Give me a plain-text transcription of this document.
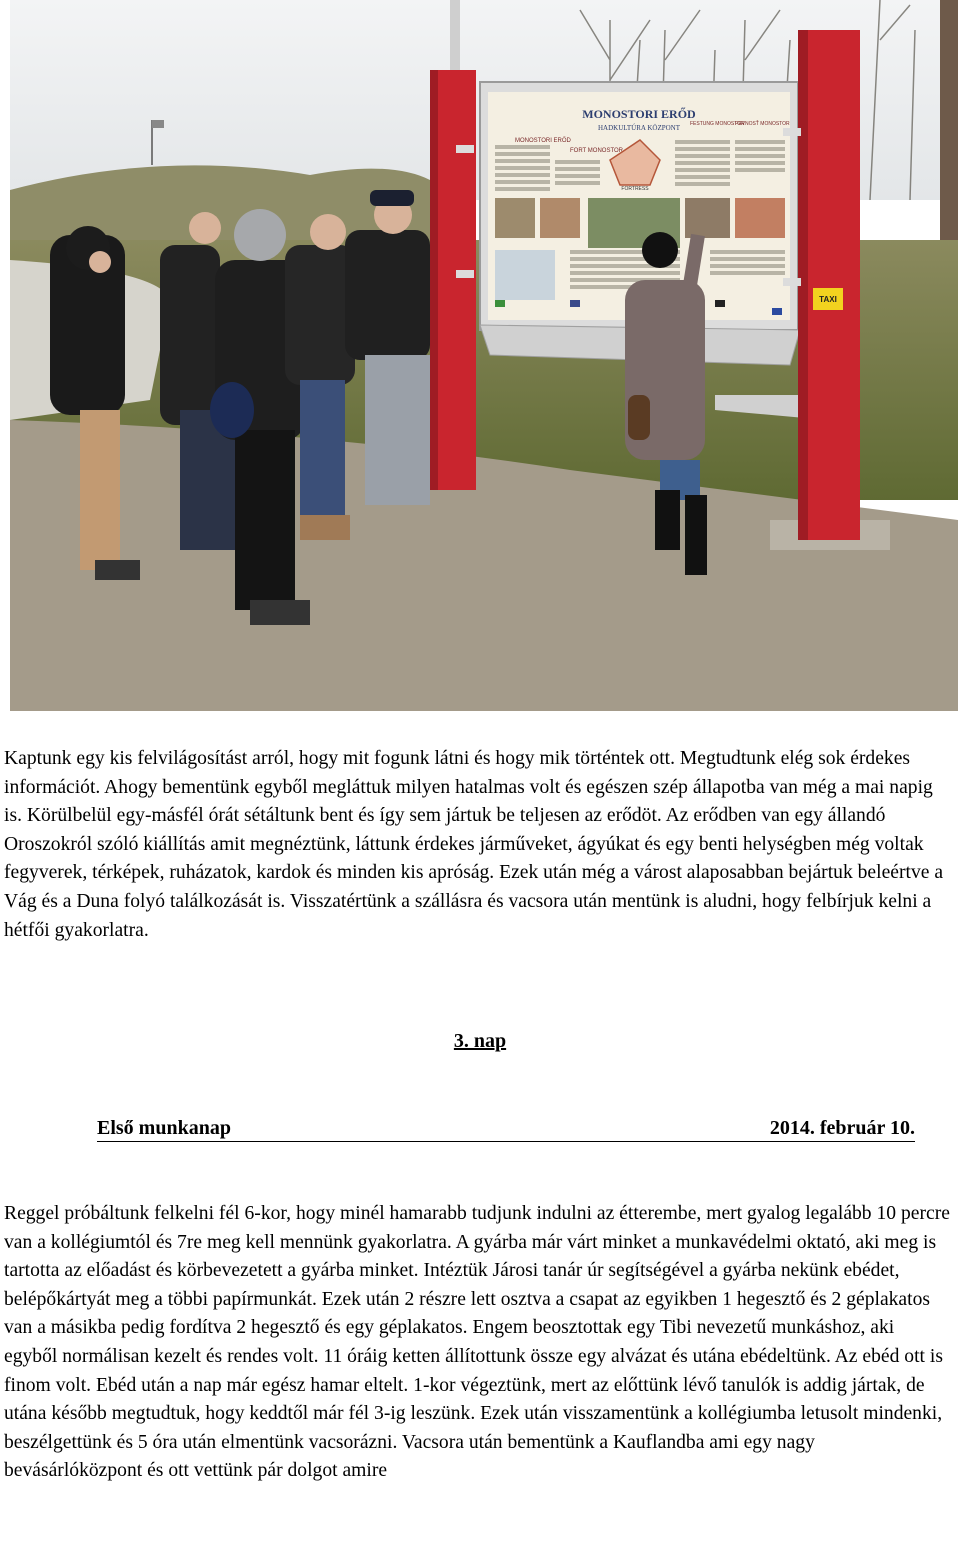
MONOSTORI ERŐD
HADKULTÚRA KÖZPONT
MONOSTORI ERŐD
FORT MONOSTOR
PEVNOSŤ MONOSTOR
FESTUNG MONOSTOR
FORTRESS
TAXI

Kaptunk egy kis felvilágosítást arról, hogy mit fogunk látni és hogy mik történtek ott. Megtudtunk elég sok érdekes információt. Ahogy bementünk egyből megláttuk milyen hatalmas volt és egészen szép állapotba van még a mai napig is. Körülbelül egy-másfél órát sétáltunk bent és így sem jártuk be teljesen az erődöt. Az erődben van egy állandó Oroszokról szóló kiállítás amit megnéztünk, láttunk érdekes járműveket, ágyúkat és egy benti helységben még voltak fegyverek, térképek, ruházatok, kardok és minden kis apróság. Ezek után még a várost alaposabban bejártuk beleértve a Vág és a Duna folyó találkozását is. Visszatértünk a szállásra és vacsora után mentünk is aludni, hogy felbírjuk kelni a hétfői gyakorlatra.

3. nap
Első munkanap	2014. február 10.

Reggel próbáltunk felkelni fél 6-kor, hogy minél hamarabb tudjunk indulni az étterembe, mert gyalog legalább 10 percre van a kollégiumtól és 7re meg kell mennünk gyakorlatra. A gyárba már várt minket a munkavédelmi oktató, aki meg is tartotta az előadást és körbevezetett a gyárba minket. Intéztük Járosi tanár úr segítségével a gyárba nekünk ebédet, belépőkártyát meg a többi papírmunkát. Ezek után 2 részre lett osztva a csapat az egyikben 1 hegesztő és 2 géplakatos van a másikba pedig fordítva 2 hegesztő és egy géplakatos. Engem beosztottak egy Tibi nevezetű munkáshoz, aki egyből normálisan kezelt és rendes volt. 11 óráig ketten állítottunk össze egy alvázat és utána ebédeltünk. Az ebéd ott is finom volt. Ebéd után a nap már egész hamar eltelt. 1-kor végeztünk, mert az előttünk lévő tanulók is addig jártak, de utána később megtudtuk, hogy keddtől már fél 3-ig leszünk. Ezek után visszamentünk a kollégiumba letusolt mindenki, beszélgettünk és 5 óra után elmentünk vacsorázni. Vacsora után bementünk a Kauflandba ami egy nagy bevásárlóközpont és ott vettünk pár dolgot amire
